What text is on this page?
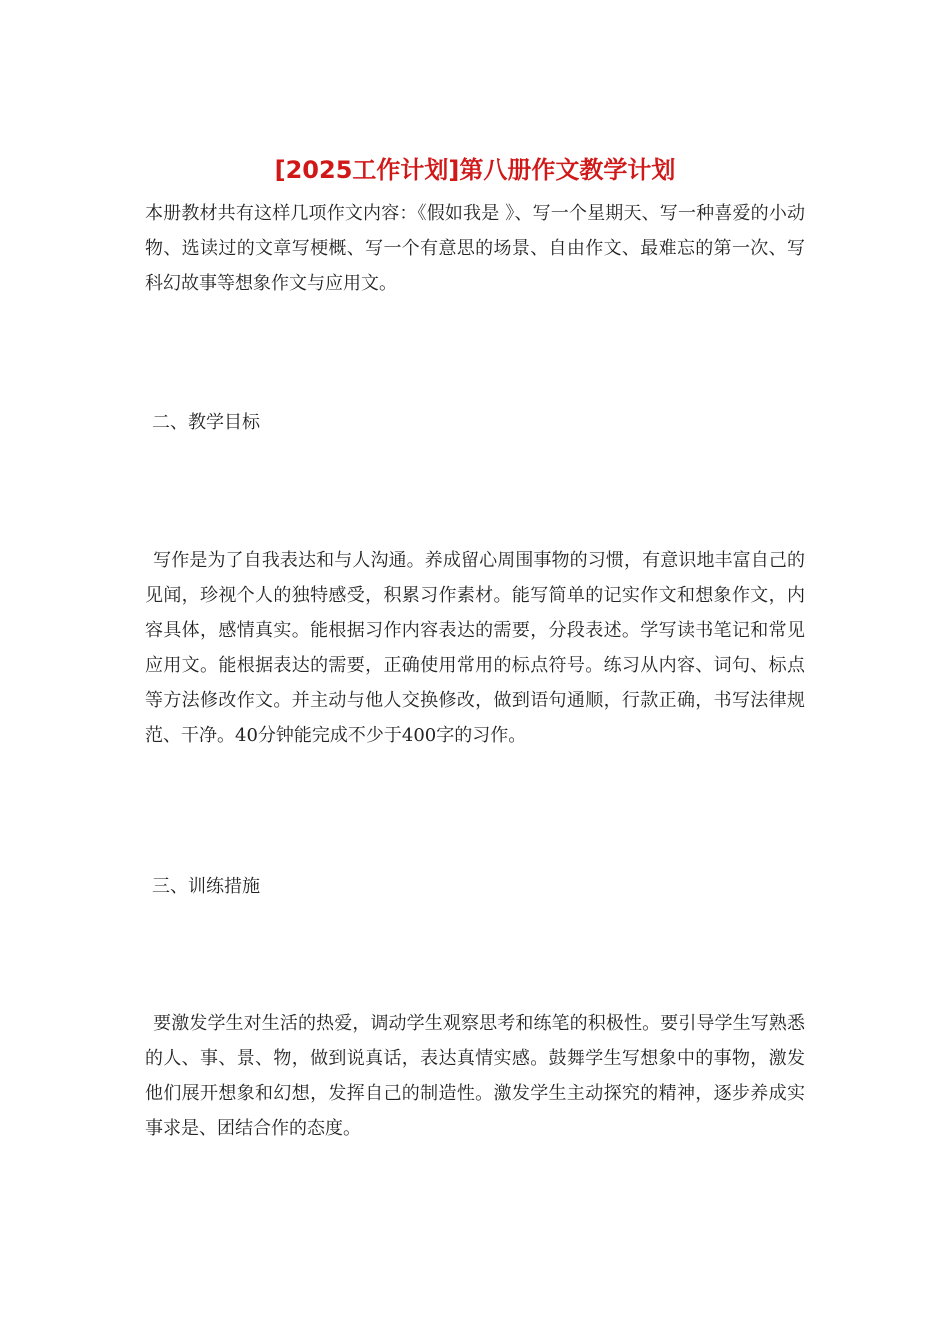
[2025工作计划]第八册作文教学计划

本册教材共有这样几项作文内容：《假如我是 》、写一个星期天、写一种喜爱的小动物、选读过的文章写梗概、写一个有意思的场景、自由作文、最难忘的第一次、写科幻故事等想象作文与应用文。

二、教学目标

写作是为了自我表达和与人沟通。养成留心周围事物的习惯，有意识地丰富自己的见闻，珍视个人的独特感受，积累习作素材。能写简单的记实作文和想象作文，内容具体，感情真实。能根据习作内容表达的需要，分段表述。学写读书笔记和常见应用文。能根据表达的需要，正确使用常用的标点符号。练习从内容、词句、标点等方法修改作文。并主动与他人交换修改，做到语句通顺，行款正确，书写法律规范、干净。40分钟能完成不少于400字的习作。

三、训练措施

要激发学生对生活的热爱，调动学生观察思考和练笔的积极性。要引导学生写熟悉的人、事、景、物，做到说真话，表达真情实感。鼓舞学生写想象中的事物，激发他们展开想象和幻想，发挥自己的制造性。激发学生主动探究的精神，逐步养成实事求是、团结合作的态度。
